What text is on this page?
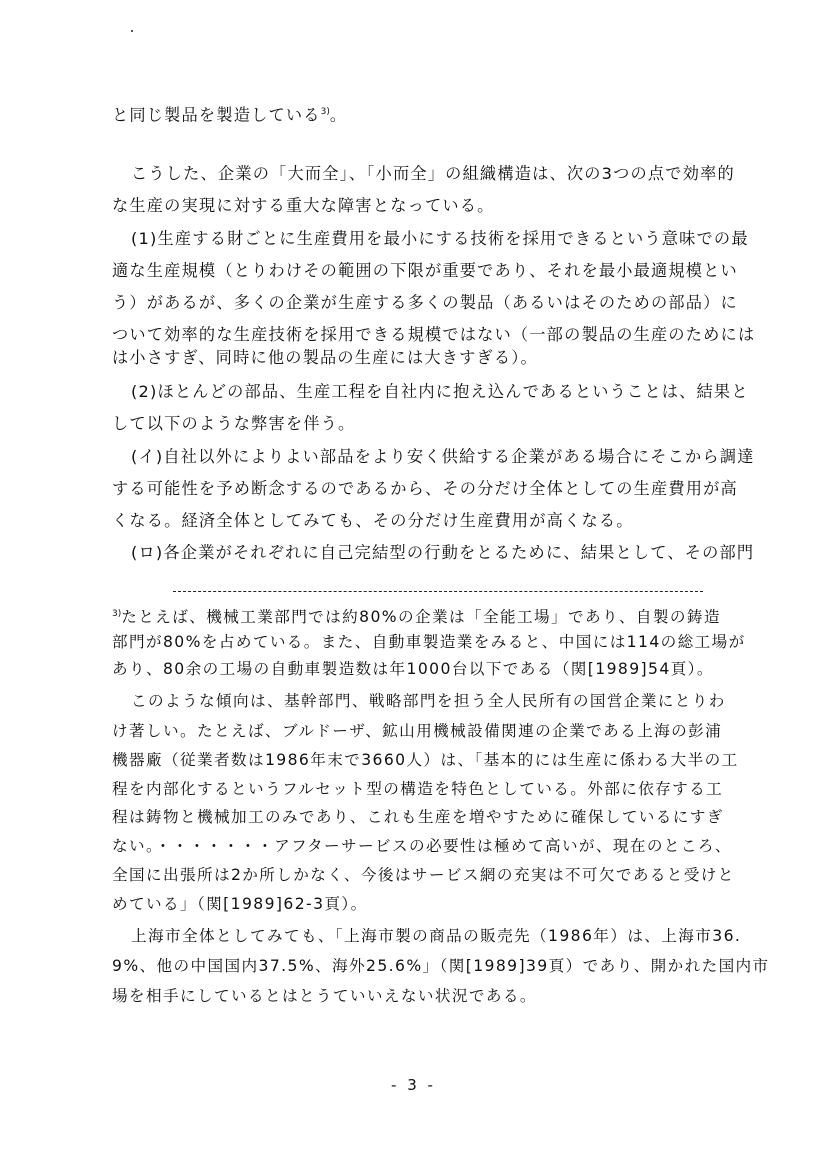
と同じ製品を製造している$^{3)}$。
こうした、企業の「大而全」、「小而全」の組織構造は、次の3つの点で効率的
な生産の実現に対する重大な障害となっている。
(1)生産する財ごとに生産費用を最小にする技術を採用できるという意味での最
適な生産規模（とりわけその範囲の下限が重要であり、それを最小最適規模とい
う）があるが、多くの企業が生産する多くの製品（あるいはそのための部品）に
ついて効率的な生産技術を採用できる規模ではない（一部の製品の生産のためには
は小さすぎ、同時に他の製品の生産には大きすぎる）。
(2)ほとんどの部品、生産工程を自社内に抱え込んであるということは、結果と
して以下のような弊害を伴う。
(イ)自社以外によりよい部品をより安く供給する企業がある場合にそこから調達
する可能性を予め断念するのであるから、その分だけ全体としての生産費用が高
くなる。経済全体としてみても、その分だけ生産費用が高くなる。
(ロ)各企業がそれぞれに自己完結型の行動をとるために、結果として、その部門
$^{3)}$たとえば、機械工業部門では約80%の企業は「全能工場」であり、自製の鋳造
部門が80%を占めている。また、自動車製造業をみると、中国には114の総工場が
あり、80余の工場の自動車製造数は年1000台以下である（関[1989]54頁）。
このような傾向は、基幹部門、戦略部門を担う全人民所有の国営企業にとりわ
け著しい。たとえば、ブルドーザ、鉱山用機械設備関連の企業である上海の彭浦
機器廠（従業者数は1986年末で3660人）は、「基本的には生産に係わる大半の工
程を内部化するというフルセット型の構造を特色としている。外部に依存する工
程は鋳物と機械加工のみであり、これも生産を増やすために確保しているにすぎ
ない。・・・・・・・アフターサービスの必要性は極めて高いが、現在のところ、
全国に出張所は2か所しかなく、今後はサービス網の充実は不可欠であると受けと
めている」（関[1989]62-3頁）。
上海市全体としてみても、「上海市製の商品の販売先（1986年）は、上海市36.
9%、他の中国国内37.5%、海外25.6%」（関[1989]39頁）であり、開かれた国内市
場を相手にしているとはとうていいえない状況である。
- 3 -
